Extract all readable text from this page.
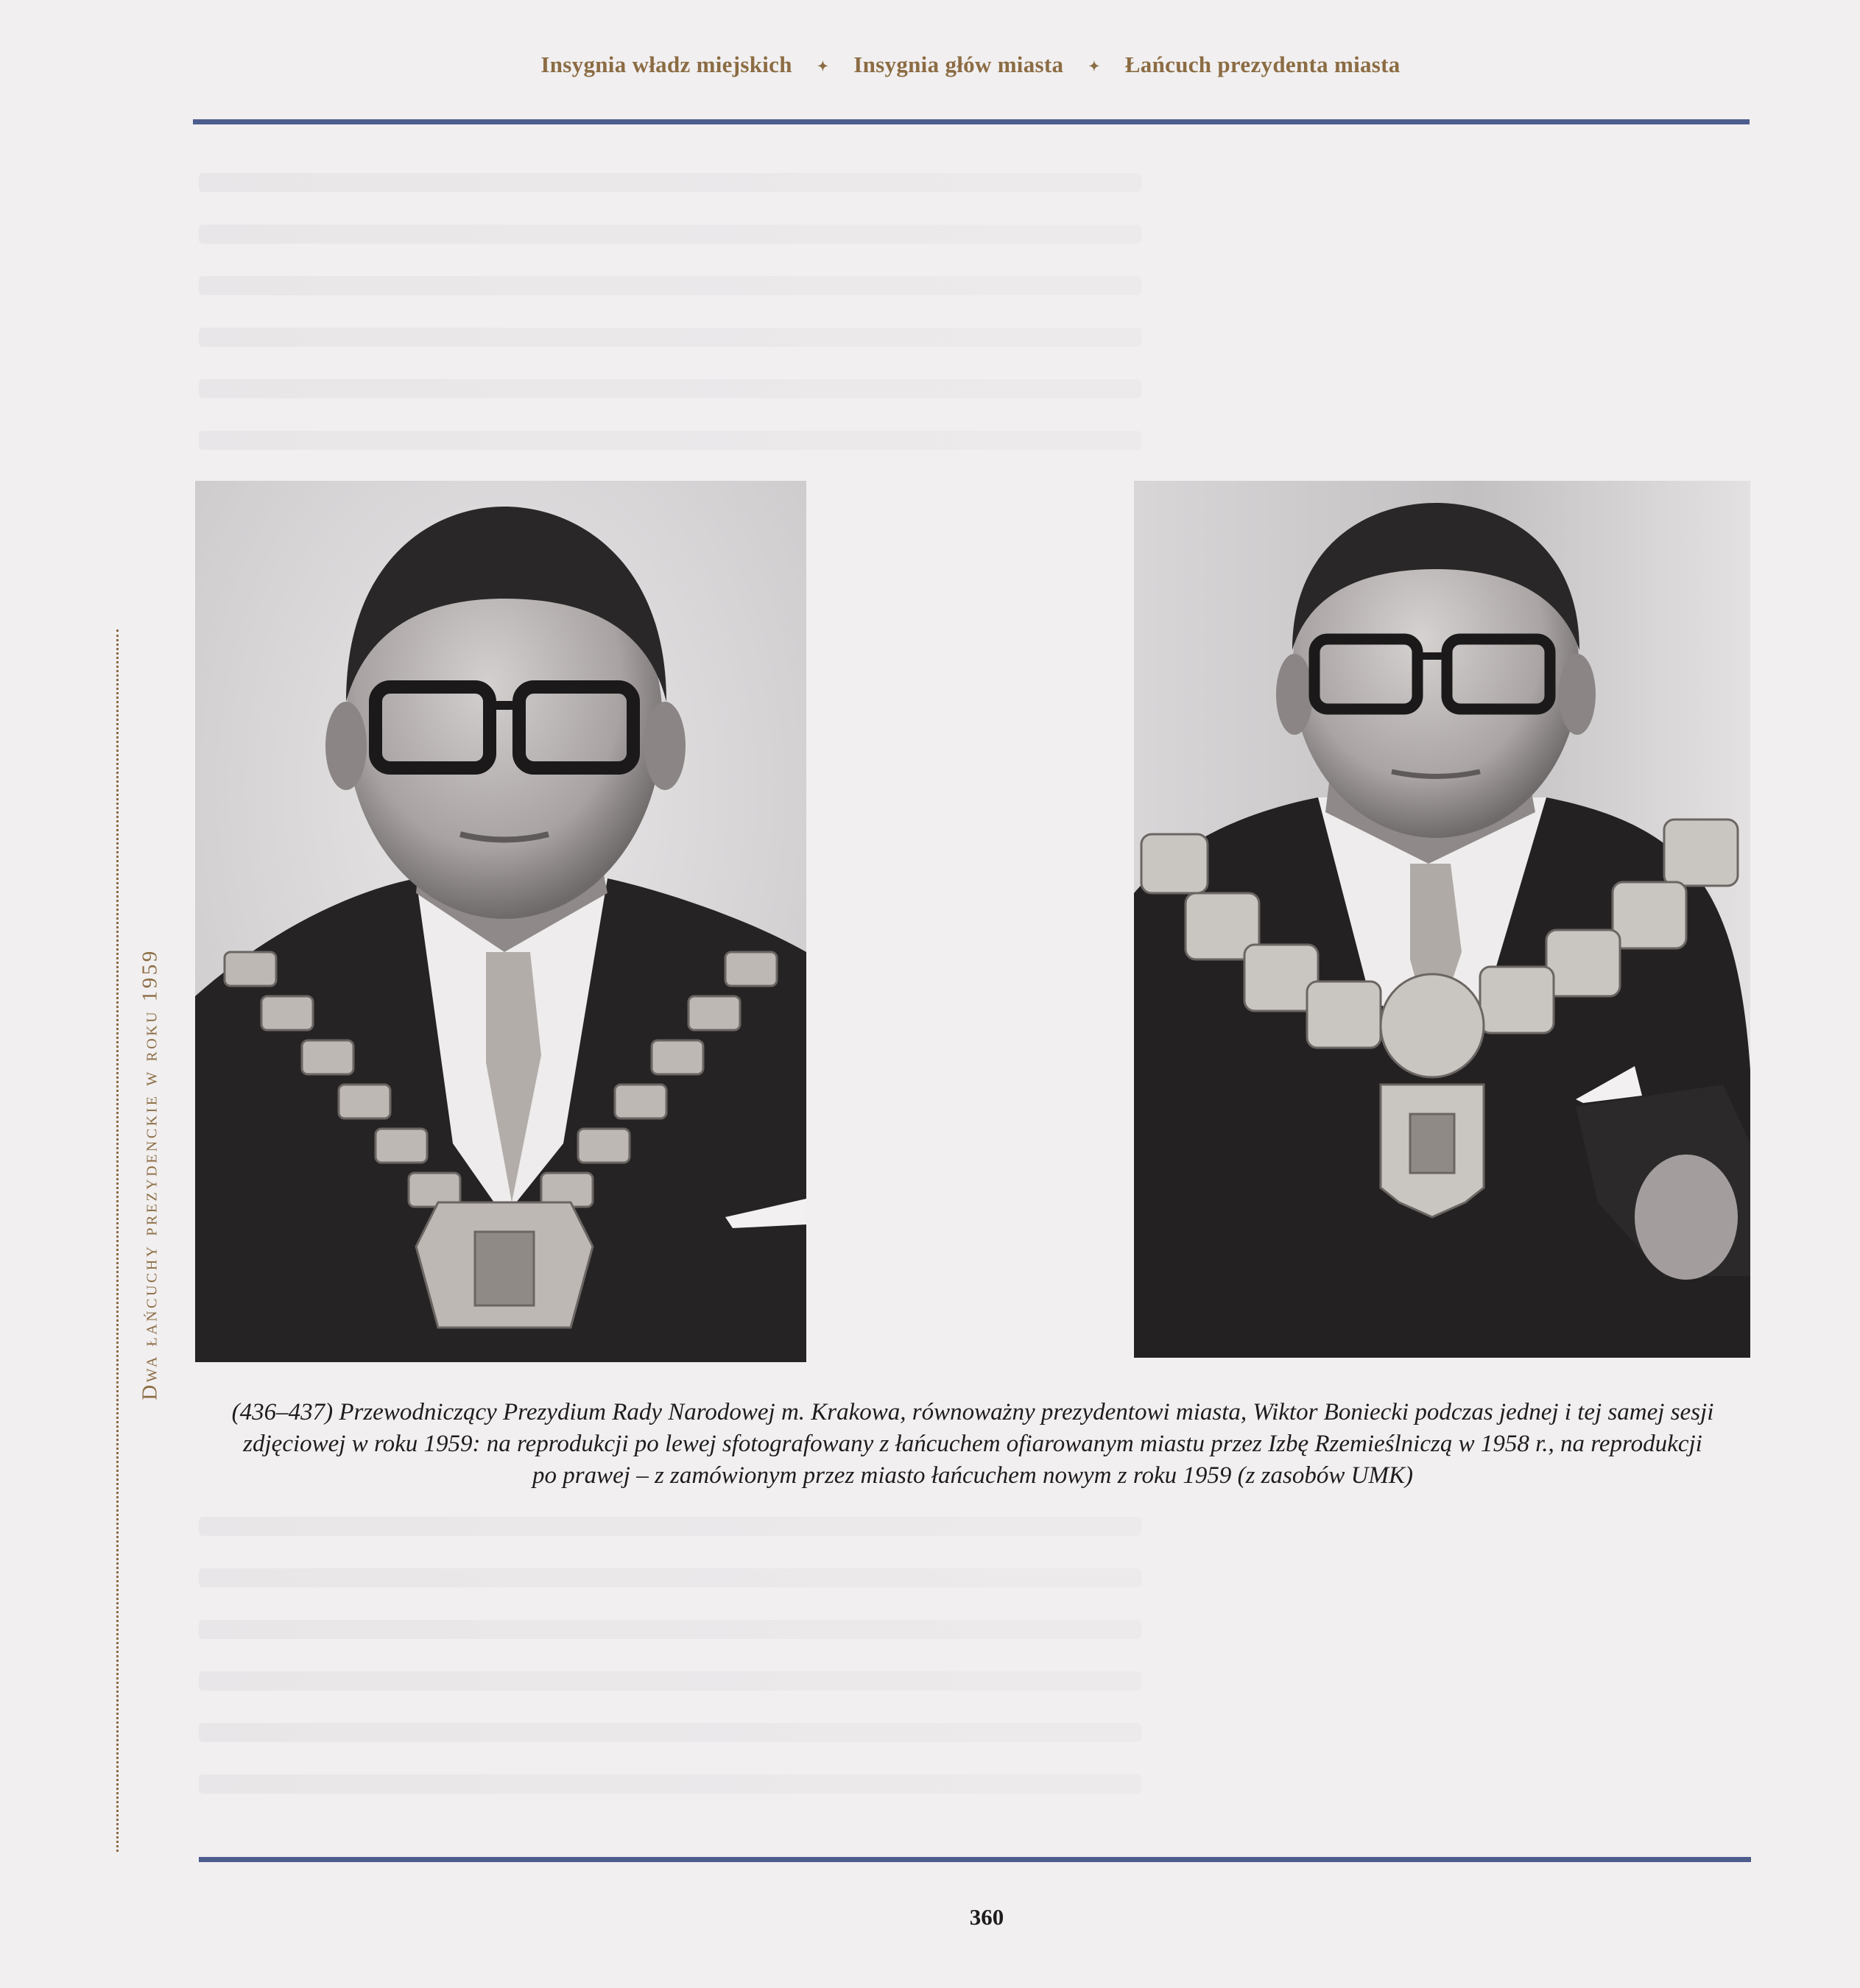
Insygnia władz miejskich ✦ Insygnia głów miasta ✦ Łańcuch prezydenta miasta
Dwa łańcuchy prezydenckie w roku 1959
(436–437) Przewodniczący Prezydium Rady Narodowej m. Krakowa, równoważny prezydentowi miasta, Wiktor Boniecki podczas jednej i tej samej sesji
zdjęciowej w roku 1959: na reprodukcji po lewej sfotografowany z łańcuchem ofiarowanym miastu przez Izbę Rzemieślniczą w 1958 r., na reprodukcji
po prawej – z zamówionym przez miasto łańcuchem nowym z roku 1959 (z zasobów UMK)
360
